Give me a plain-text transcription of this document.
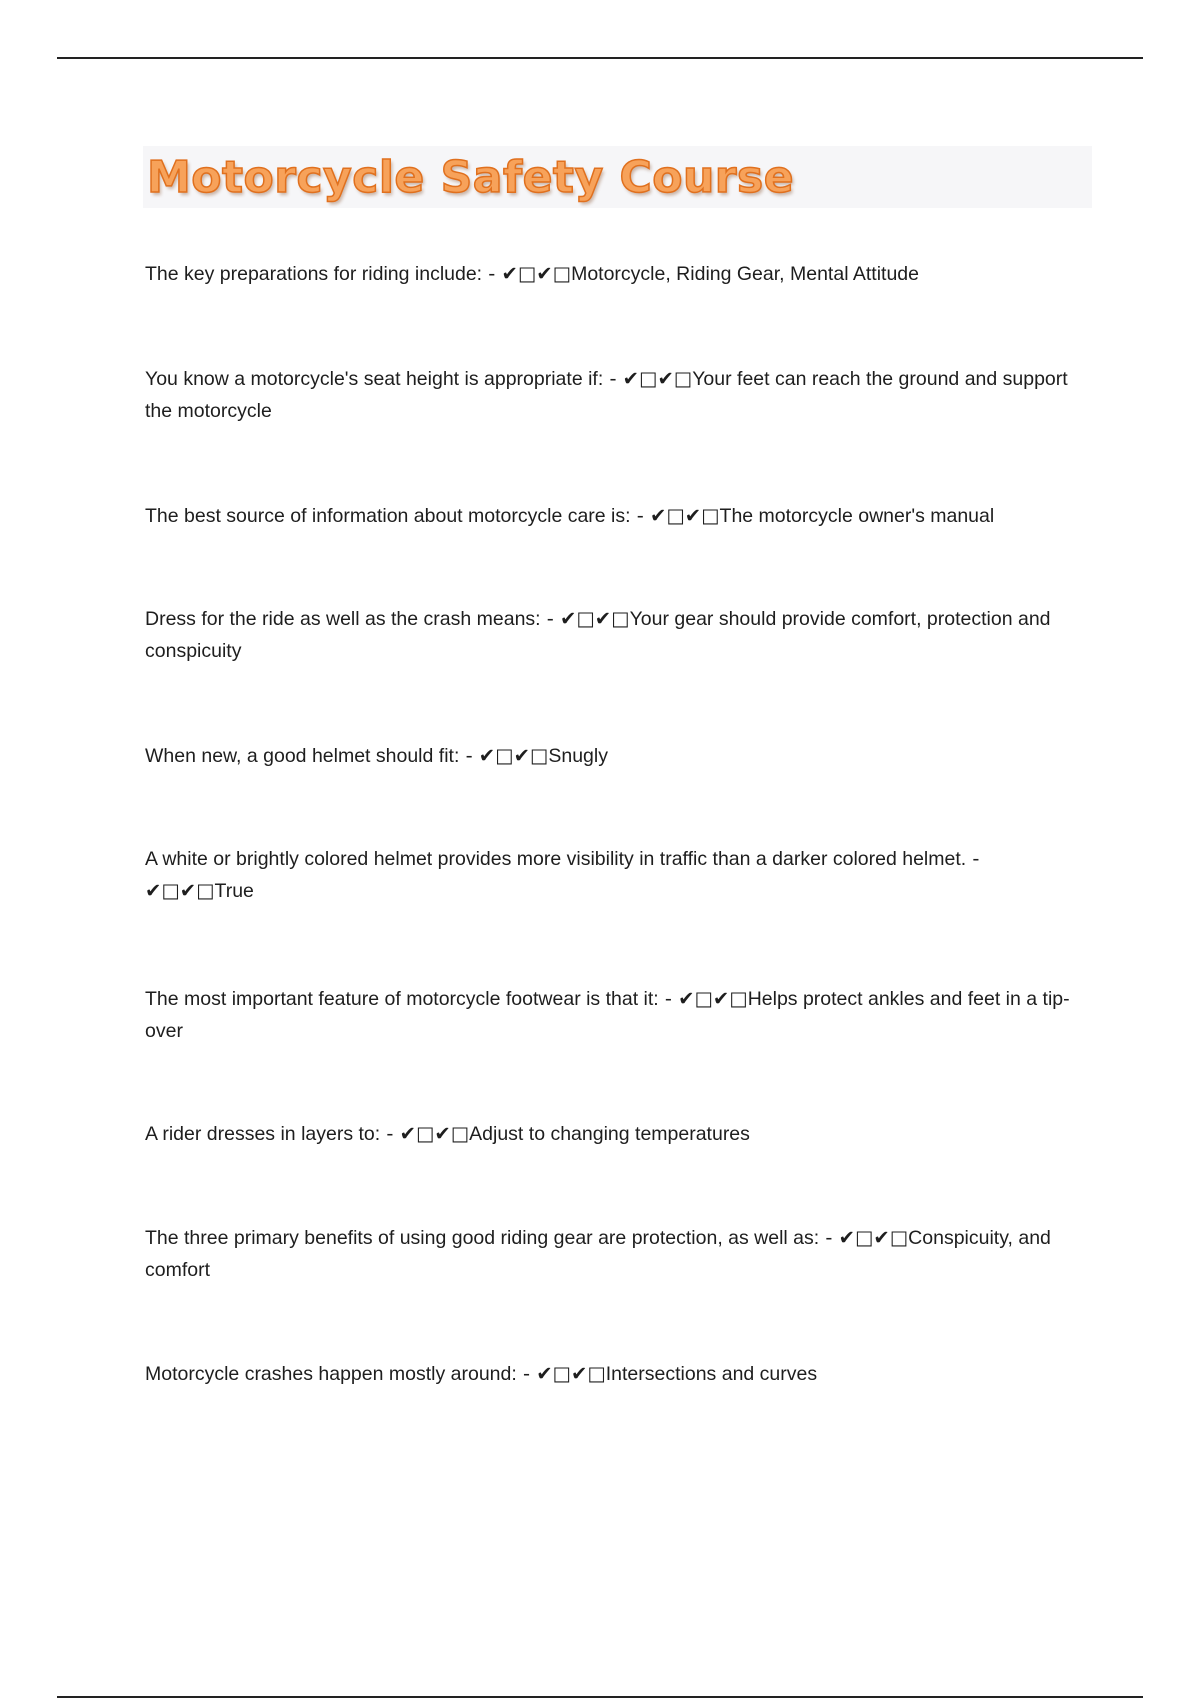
Motorcycle Safety Course

The key preparations for riding include: - ✔□✔□Motorcycle, Riding Gear, Mental Attitude

You know a motorcycle's seat height is appropriate if: - ✔□✔□Your feet can reach the ground and support the motorcycle

The best source of information about motorcycle care is: - ✔□✔□The motorcycle owner's manual

Dress for the ride as well as the crash means: - ✔□✔□Your gear should provide comfort, protection and conspicuity

When new, a good helmet should fit: - ✔□✔□Snugly

A white or brightly colored helmet provides more visibility in traffic than a darker colored helmet. - ✔□✔□True

The most important feature of motorcycle footwear is that it: - ✔□✔□Helps protect ankles and feet in a tip-over

A rider dresses in layers to: - ✔□✔□Adjust to changing temperatures

The three primary benefits of using good riding gear are protection, as well as: - ✔□✔□Conspicuity, and comfort

Motorcycle crashes happen mostly around: - ✔□✔□Intersections and curves
